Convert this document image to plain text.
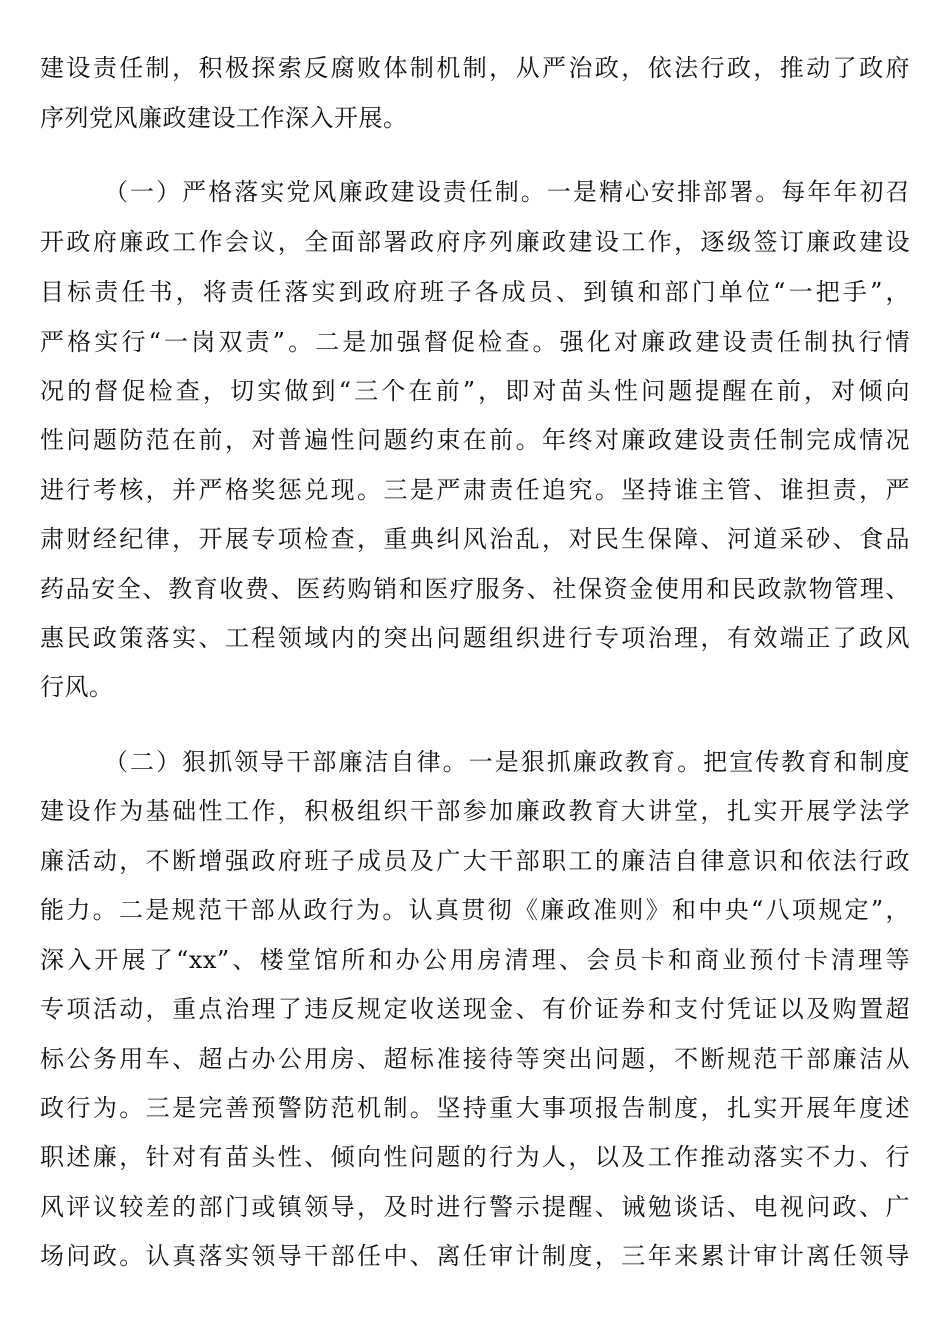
建设责任制，积极探索反腐败体制机制，从严治政，依法行政，推动了政府
序列党风廉政建设工作深入开展。
（一）严格落实党风廉政建设责任制。一是精心安排部署。每年年初召
开政府廉政工作会议，全面部署政府序列廉政建设工作，逐级签订廉政建设
目标责任书，将责任落实到政府班子各成员、到镇和部门单位“一把手”，
严格实行“一岗双责”。二是加强督促检查。强化对廉政建设责任制执行情
况的督促检查，切实做到“三个在前”，即对苗头性问题提醒在前，对倾向
性问题防范在前，对普遍性问题约束在前。年终对廉政建设责任制完成情况
进行考核，并严格奖惩兑现。三是严肃责任追究。坚持谁主管、谁担责，严
肃财经纪律，开展专项检查，重典纠风治乱，对民生保障、河道采砂、食品
药品安全、教育收费、医药购销和医疗服务、社保资金使用和民政款物管理、
惠民政策落实、工程领域内的突出问题组织进行专项治理，有效端正了政风
行风。
（二）狠抓领导干部廉洁自律。一是狠抓廉政教育。把宣传教育和制度
建设作为基础性工作，积极组织干部参加廉政教育大讲堂，扎实开展学法学
廉活动，不断增强政府班子成员及广大干部职工的廉洁自律意识和依法行政
能力。二是规范干部从政行为。认真贯彻《廉政准则》和中央“八项规定”，
深入开展了“xx”、楼堂馆所和办公用房清理、会员卡和商业预付卡清理等
专项活动，重点治理了违反规定收送现金、有价证券和支付凭证以及购置超
标公务用车、超占办公用房、超标准接待等突出问题，不断规范干部廉洁从
政行为。三是完善预警防范机制。坚持重大事项报告制度，扎实开展年度述
职述廉，针对有苗头性、倾向性问题的行为人，以及工作推动落实不力、行
风评议较差的部门或镇领导，及时进行警示提醒、诫勉谈话、电视问政、广
场问政。认真落实领导干部任中、离任审计制度，三年来累计审计离任领导
